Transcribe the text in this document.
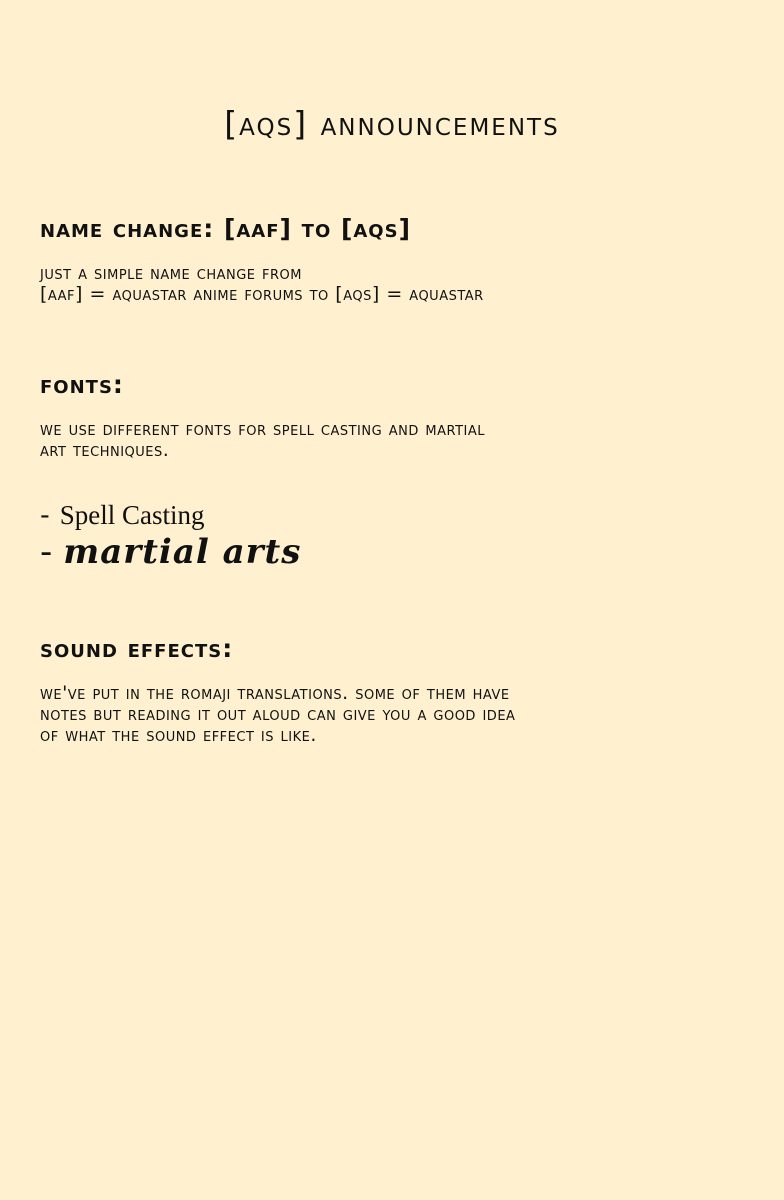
[aqs] announcements
name change: [aaf] to [aqs]

just a simple name change from
[aaf] = aquastar anime forums to [aqs] = aquastar

fonts:

we use different fonts for spell casting and martial
art techniques.

- Spell Casting

- martial arts

sound effects:

we've put in the romaji translations. some of them have
notes but reading it out aloud can give you a good idea
of what the sound effect is like.
